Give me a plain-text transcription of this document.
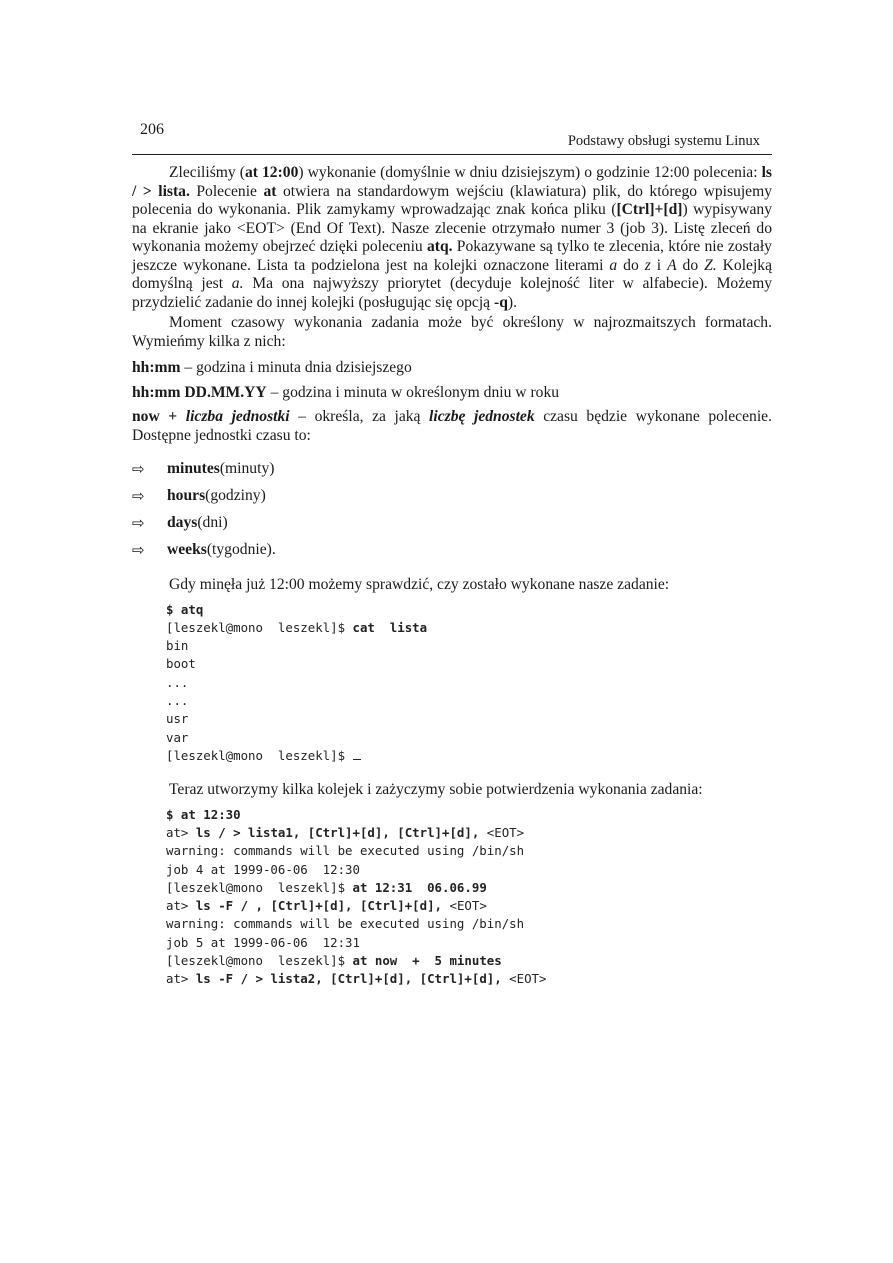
206
Podstawy obsługi systemu Linux

Zleciliśmy (at 12:00) wykonanie (domyślnie w dniu dzisiejszym) o godzinie 12:00 polecenia: ls / > lista. Polecenie at otwiera na standardowym wejściu (klawiatura) plik, do którego wpisujemy polecenia do wykonania. Plik zamykamy wprowadzając znak końca pliku ([Ctrl]+[d]) wypisywany na ekranie jako <EOT> (End Of Text). Nasze zlecenie otrzymało numer 3 (job 3). Listę zleceń do wykonania możemy obejrzeć dzięki poleceniu atq. Pokazywane są tylko te zlecenia, które nie zostały jeszcze wykonane. Lista ta podzielona jest na kolejki oznaczone literami a do z i A do Z. Kolejką domyślną jest a. Ma ona najwyższy priorytet (decyduje kolejność liter w alfabecie). Możemy przydzielić zadanie do innej kolejki (posługując się opcją -q).

Moment czasowy wykonania zadania może być określony w najrozmaitszych formatach. Wymieńmy kilka z nich:

hh:mm – godzina i minuta dnia dzisiejszego

hh:mm DD.MM.YY – godzina i minuta w określonym dniu w roku

now + liczba jednostki – określa, za jaką liczbę jednostek czasu będzie wykonane polecenie. Dostępne jednostki czasu to:

⇨	minutes (minuty)
⇨	hours (godziny)
⇨	days (dni)
⇨	weeks (tygodnie).

Gdy minęła już 12:00 możemy sprawdzić, czy zostało wykonane nasze zadanie:

$ atq
[leszekl@mono  leszekl]$ cat  lista
bin
boot
...
...
usr
var
[leszekl@mono  leszekl]$

Teraz utworzymy kilka kolejek i zażyczymy sobie potwierdzenia wykonania zadania:

$ at 12:30
at> ls / > lista1, [Ctrl]+[d], [Ctrl]+[d], <EOT>
warning: commands will be executed using /bin/sh
job 4 at 1999-06-06  12:30
[leszekl@mono  leszekl]$ at 12:31  06.06.99
at> ls -F / , [Ctrl]+[d], [Ctrl]+[d], <EOT>
warning: commands will be executed using /bin/sh
job 5 at 1999-06-06  12:31
[leszekl@mono  leszekl]$ at now  +  5 minutes
at> ls -F / > lista2, [Ctrl]+[d], [Ctrl]+[d], <EOT>
